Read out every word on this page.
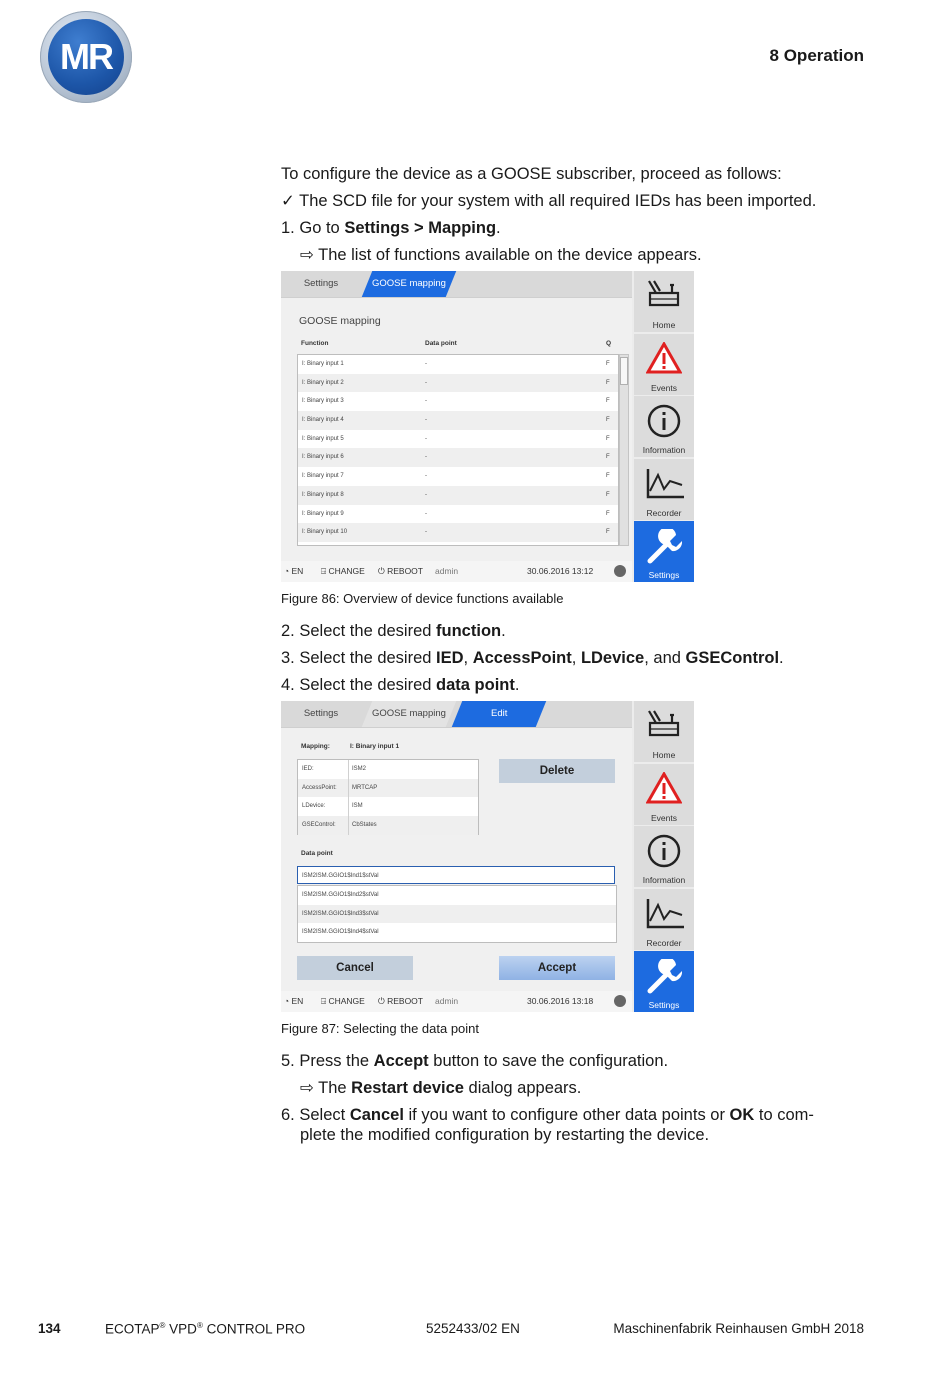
MR	8 Operation
To configure the device as a GOOSE subscriber, proceed as follows:
✓ The SCD file for your system with all required IEDs has been imported.
1. Go to Settings > Mapping.
⇨ The list of functions available on the device appears.
Settings	GOOSE mapping
GOOSE mapping
Function	Data point	Q
I: Binary input 1	-	F
I: Binary input 2	-	F
I: Binary input 3	-	F
I: Binary input 4	-	F
I: Binary input 5	-	F
I: Binary input 6	-	F
I: Binary input 7	-	F
I: Binary input 8	-	F
I: Binary input 9	-	F
I: Binary input 10	-	F
◔ EN ⍈ CHANGE ⏻ REBOOT admin	30.06.2016 13:12
Home
Events
Information
Recorder
Settings
Figure 86: Overview of device functions available
2. Select the desired function.
3. Select the desired IED, AccessPoint, LDevice, and GSEControl.
4. Select the desired data point.
Settings	GOOSE mapping	Edit
Mapping:	I: Binary input 1
IED:	ISM2
AccessPoint:	MRTCAP
LDevice:	ISM
GSEControl:	CbStates
Delete
Data point
ISM2ISM.GGIO1$Ind1$stVal
ISM2ISM.GGIO1$Ind2$stVal
ISM2ISM.GGIO1$Ind3$stVal
ISM2ISM.GGIO1$Ind4$stVal
Cancel	Accept
◔ EN ⍈ CHANGE ⏻ REBOOT admin	30.06.2016 13:18
Home
Events
Information
Recorder
Settings
Figure 87: Selecting the data point
5. Press the Accept button to save the configuration.
⇨ The Restart device dialog appears.
6. Select Cancel if you want to configure other data points or OK to com-
plete the modified configuration by restarting the device.
134	ECOTAP® VPD® CONTROL PRO	5252433/02 EN	Maschinenfabrik Reinhausen GmbH 2018
